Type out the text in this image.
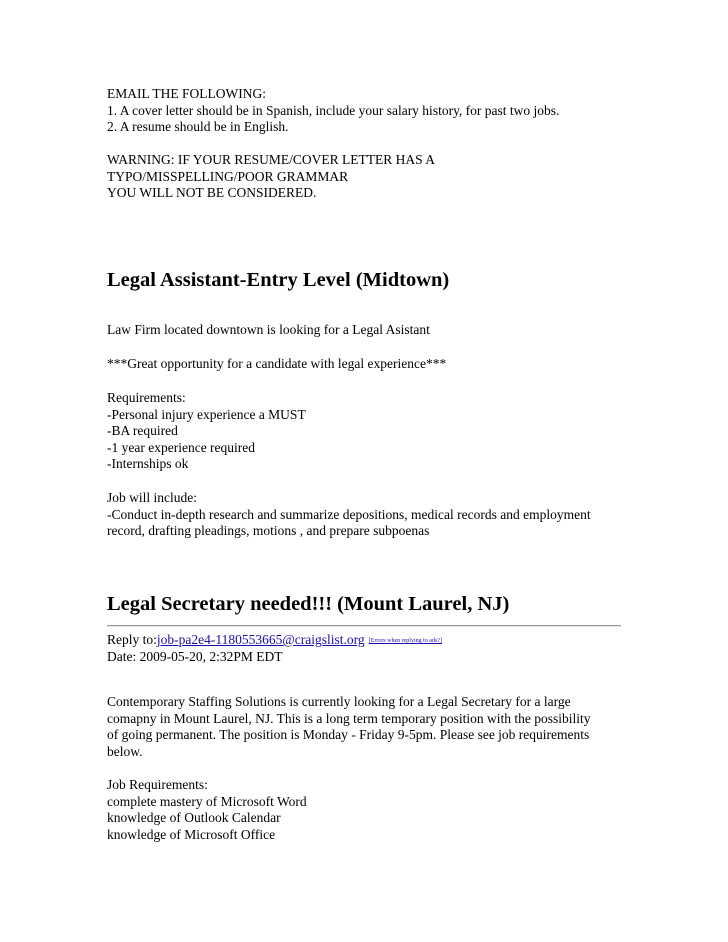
EMAIL THE FOLLOWING:
1. A cover letter should be in Spanish, include your salary history, for past two jobs.
2. A resume should be in English.
WARNING: IF YOUR RESUME/COVER LETTER HAS A
TYPO/MISSPELLING/POOR GRAMMAR
YOU WILL NOT BE CONSIDERED.
Legal Assistant-Entry Level (Midtown)
Law Firm located downtown is looking for a Legal Asistant
***Great opportunity for a candidate with legal experience***
Requirements:
-Personal injury experience a MUST
-BA required
-1 year experience required
-Internships ok
Job will include:
-Conduct in-depth research and summarize depositions, medical records and employment
record, drafting pleadings, motions , and prepare subpoenas
Legal Secretary needed!!! (Mount Laurel, NJ)
Reply to:job-pa2e4-1180553665@craigslist.org [Errors when replying to ads?]
Date: 2009-05-20, 2:32PM EDT
Contemporary Staffing Solutions is currently looking for a Legal Secretary for a large
comapny in Mount Laurel, NJ. This is a long term temporary position with the possibility
of going permanent. The position is Monday - Friday 9-5pm. Please see job requirements
below.
Job Requirements:
complete mastery of Microsoft Word
knowledge of Outlook Calendar
knowledge of Microsoft Office
